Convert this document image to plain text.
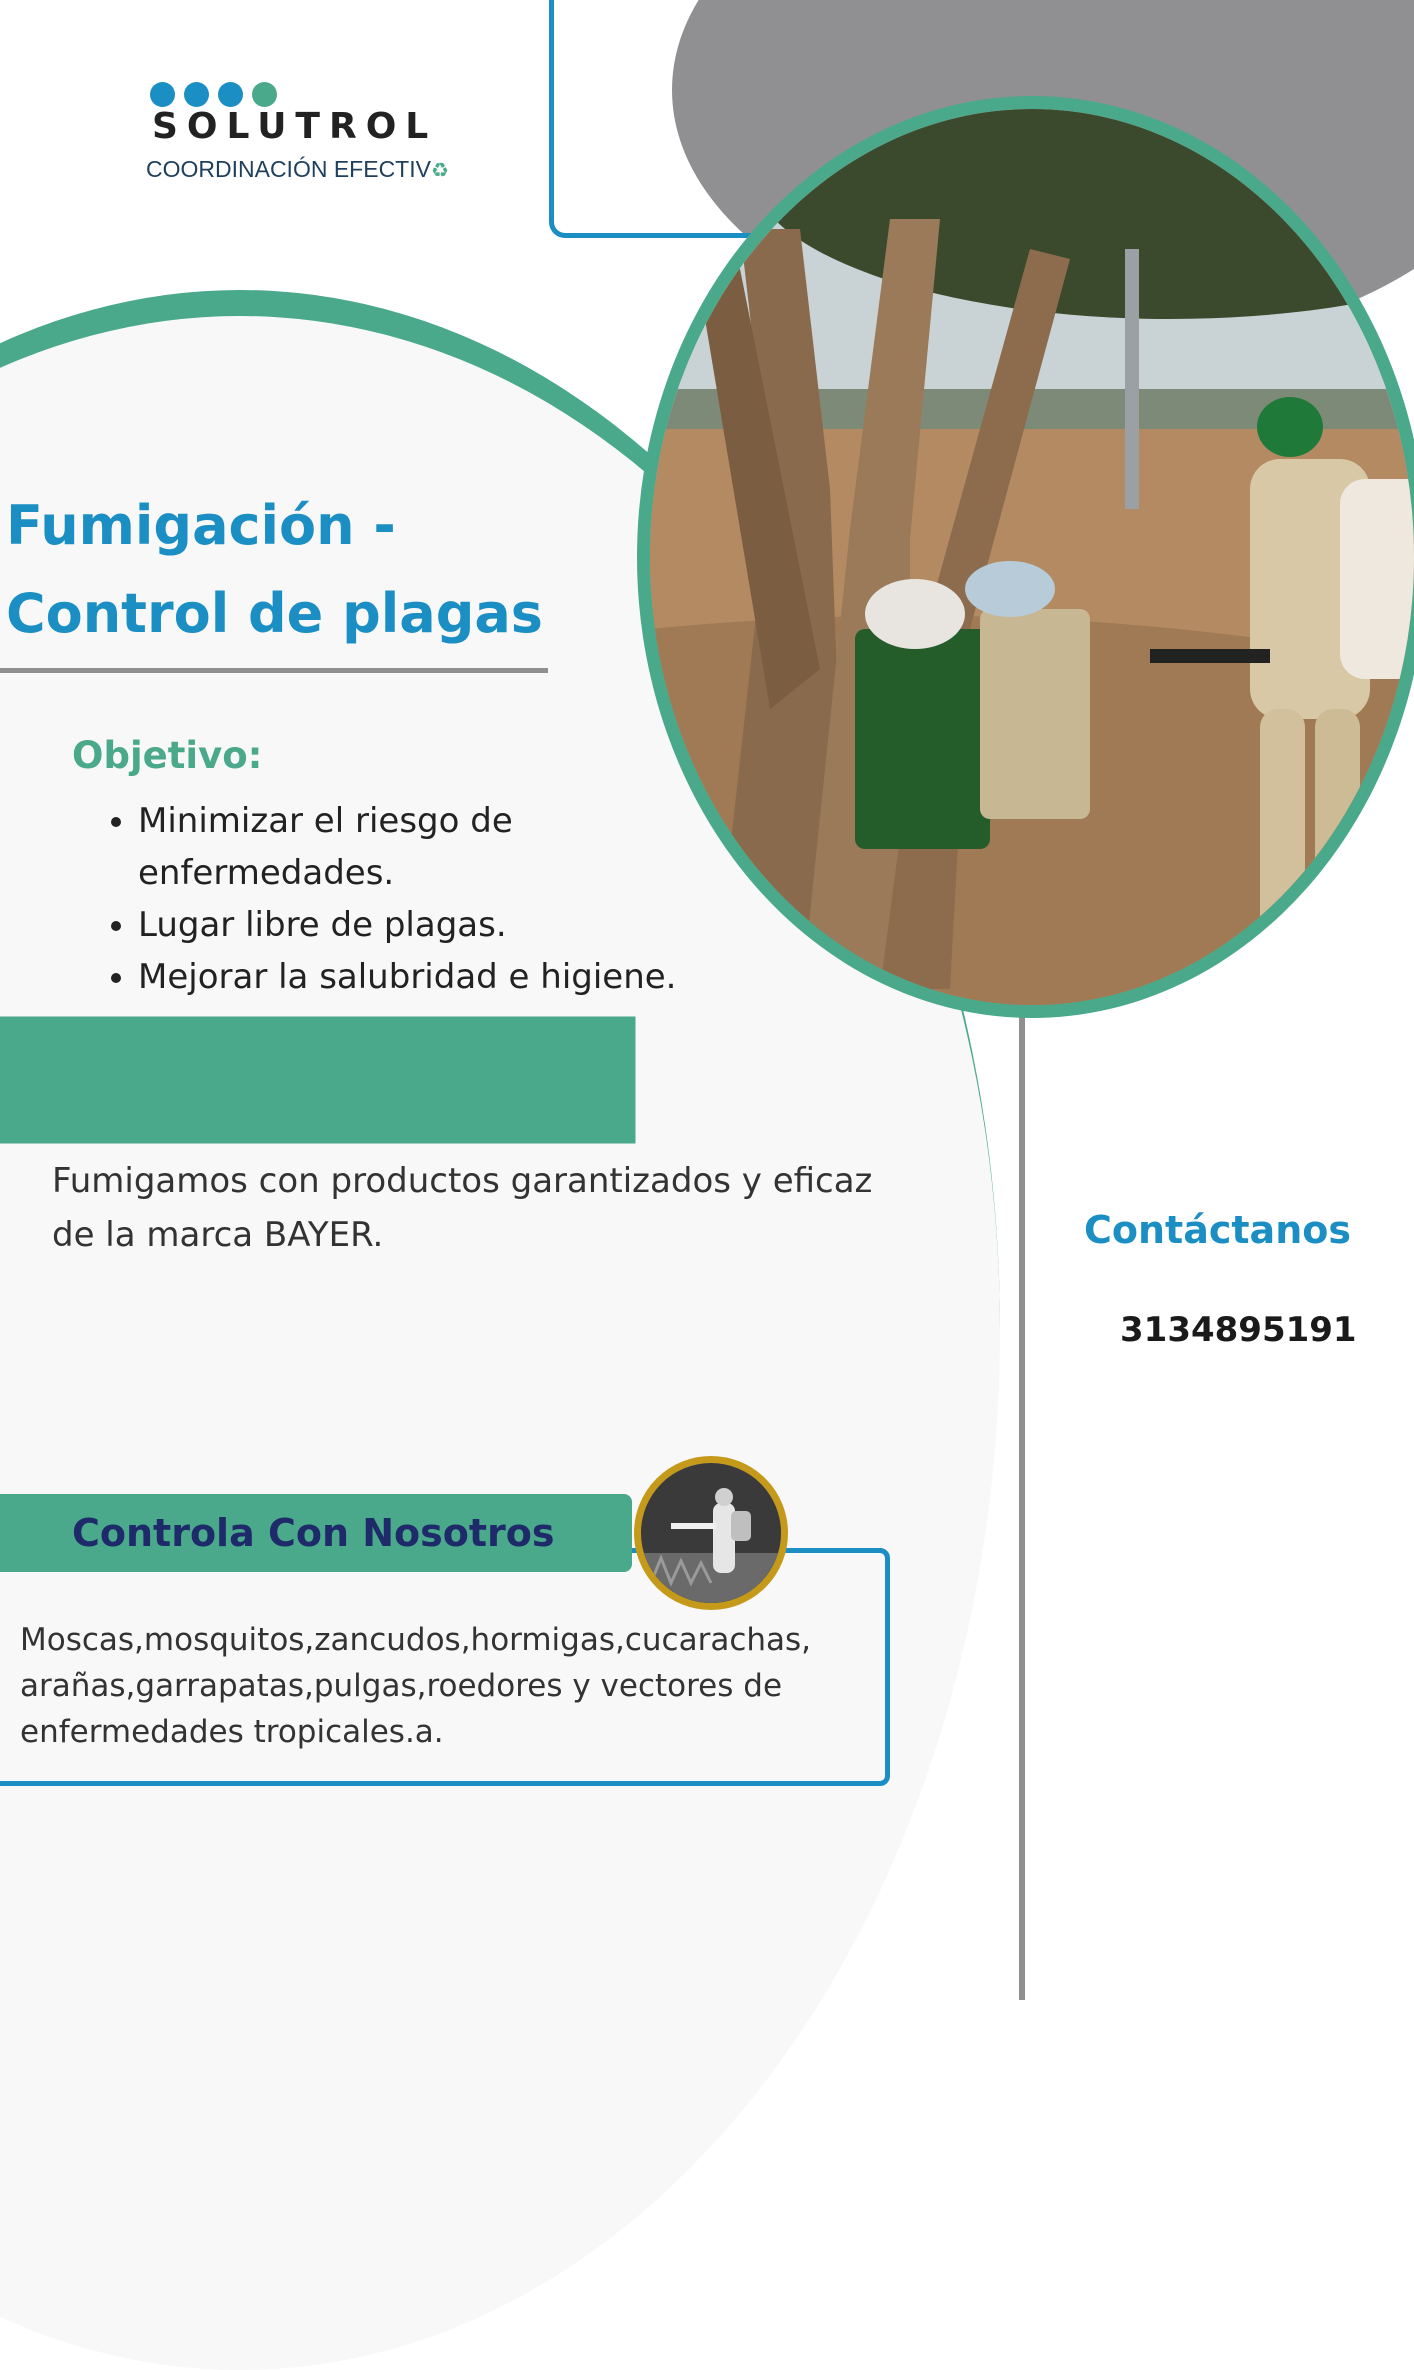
SOLUTROL
COORDINACIÓN EFECTIV♻
Fumigación -
Control de plagas
Objetivo:
• Minimizar el riesgo de enfermedades.
• Lugar libre de plagas.
• Mejorar la salubridad e higiene.
Fumigamos con productos garantizados y eficaz de la marca BAYER.	Contáctanos
3134895191
Controla Con Nosotros
Moscas,mosquitos,zancudos,hormigas,cucarachas, arañas,garrapatas,pulgas,roedores y vectores de enfermedades tropicales.a.
